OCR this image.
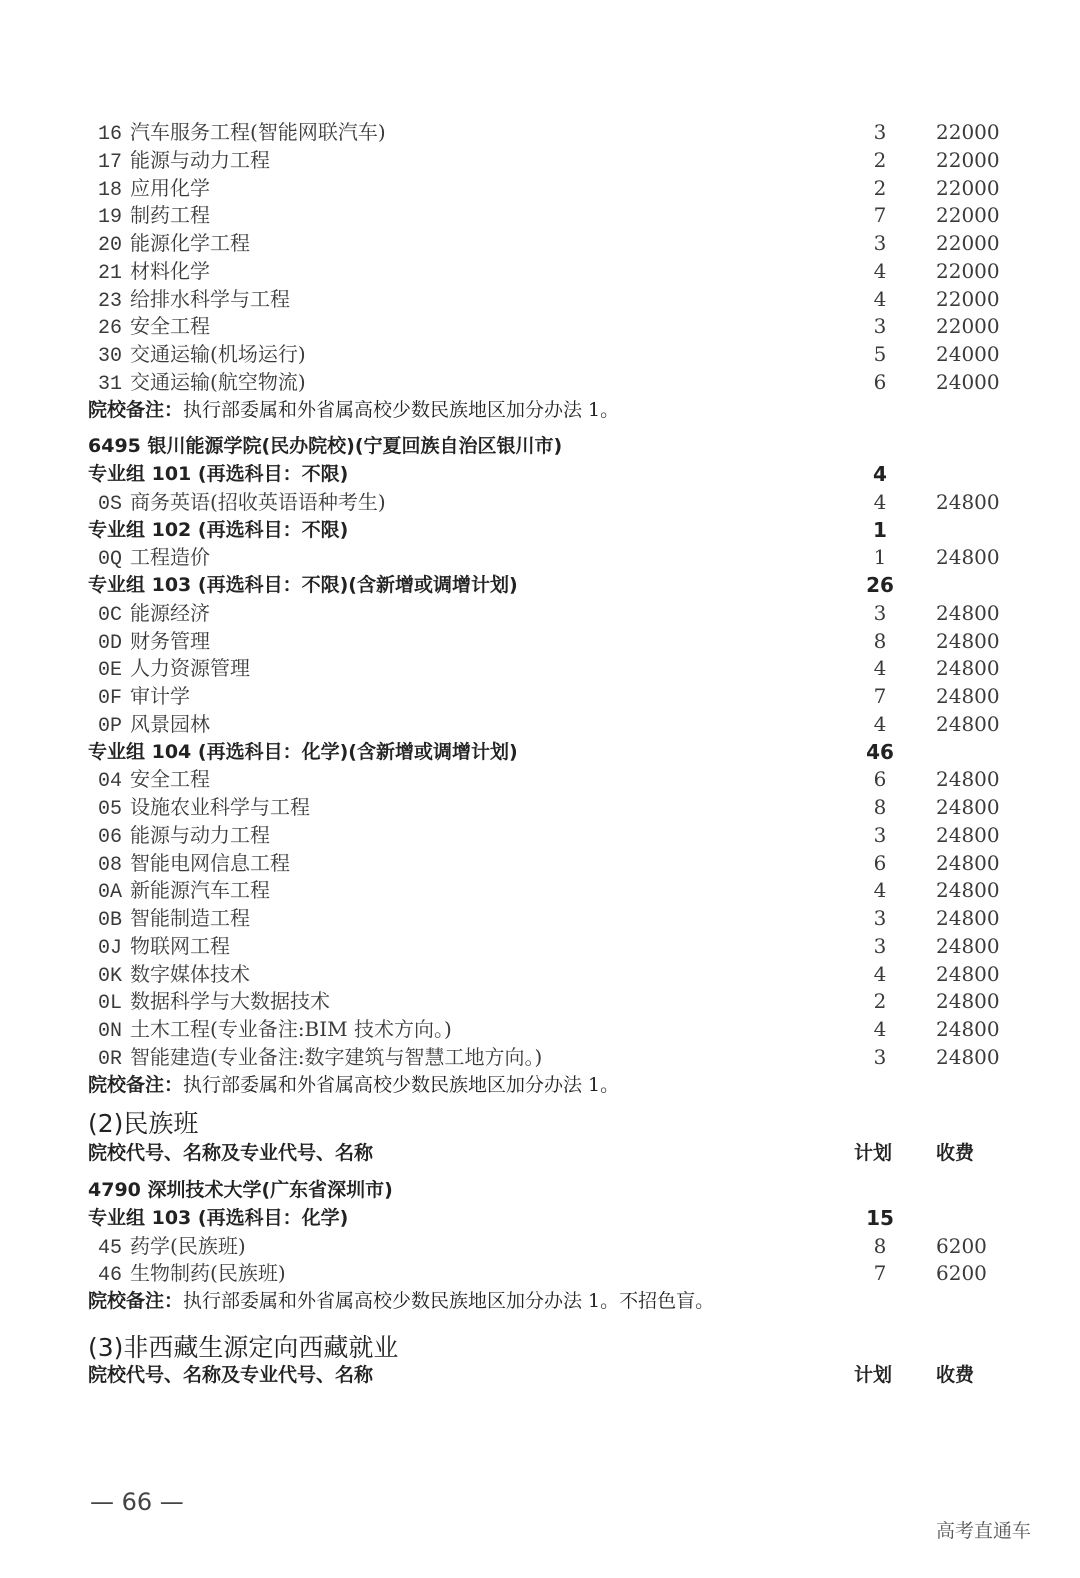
16 汽车服务工程(智能网联汽车)	3	22000
17 能源与动力工程	2	22000
18 应用化学	2	22000
19 制药工程	7	22000
20 能源化学工程	3	22000
21 材料化学	4	22000
23 给排水科学与工程	4	22000
26 安全工程	3	22000
30 交通运输(机场运行)	5	24000
31 交通运输(航空物流)	6	24000
院校备注：执行部委属和外省属高校少数民族地区加分办法 1。
6495 银川能源学院(民办院校)(宁夏回族自治区银川市)
专业组 101 (再选科目：不限)	4
0S 商务英语(招收英语语种考生)	4	24800
专业组 102 (再选科目：不限)	1
0Q 工程造价	1	24800
专业组 103 (再选科目：不限)(含新增或调增计划)	26
0C 能源经济	3	24800
0D 财务管理	8	24800
0E 人力资源管理	4	24800
0F 审计学	7	24800
0P 风景园林	4	24800
专业组 104 (再选科目：化学)(含新增或调增计划)	46
04 安全工程	6	24800
05 设施农业科学与工程	8	24800
06 能源与动力工程	3	24800
08 智能电网信息工程	6	24800
0A 新能源汽车工程	4	24800
0B 智能制造工程	3	24800
0J 物联网工程	3	24800
0K 数字媒体技术	4	24800
0L 数据科学与大数据技术	2	24800
0N 土木工程(专业备注:BIM 技术方向。)	4	24800
0R 智能建造(专业备注:数字建筑与智慧工地方向。)	3	24800
院校备注：执行部委属和外省属高校少数民族地区加分办法 1。
4790 深圳技术大学(广东省深圳市)
专业组 103 (再选科目：化学)	15
45 药学(民族班)	8	6200
46 生物制药(民族班)	7	6200
院校备注：执行部委属和外省属高校少数民族地区加分办法 1。不招色盲。
(2)民族班
院校代号、名称及专业代号、名称	计划 收费
(3)非西藏生源定向西藏就业
院校代号、名称及专业代号、名称	计划 收费
— 66 —
高考直通车
